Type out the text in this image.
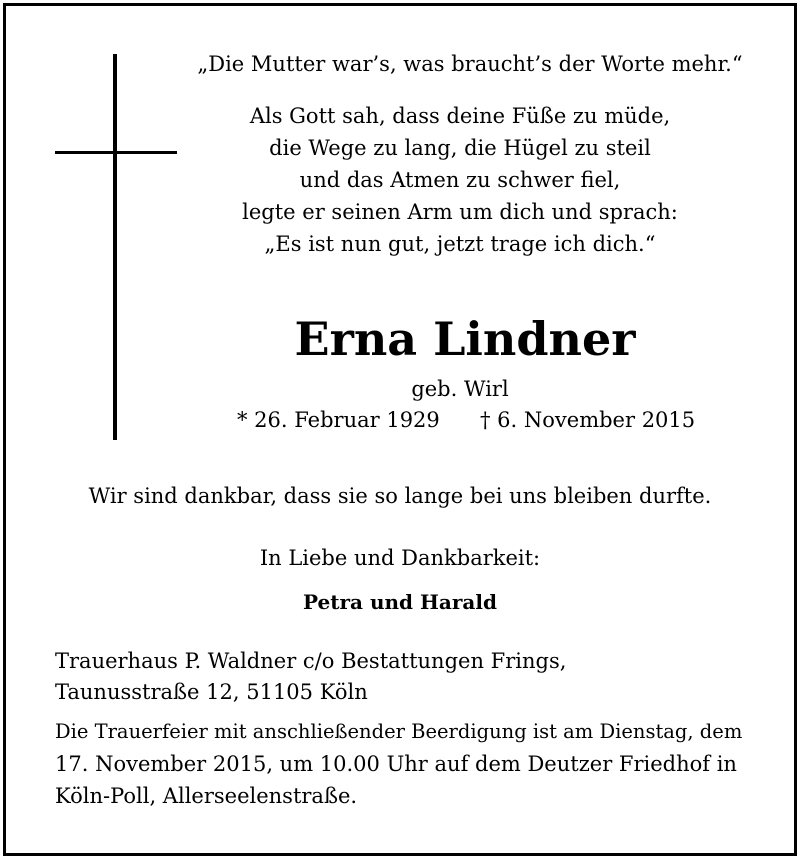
„Die Mutter war’s, was braucht’s der Worte mehr.“
Als Gott sah, dass deine Füße zu müde,
die Wege zu lang, die Hügel zu steil
und das Atmen zu schwer fiel,
legte er seinen Arm um dich und sprach:
„Es ist nun gut, jetzt trage ich dich.“
Erna Lindner
geb. Wirl
* 26. Februar 1929 † 6. November 2015
Wir sind dankbar, dass sie so lange bei uns bleiben durfte.
In Liebe und Dankbarkeit:
Petra und Harald
Trauerhaus P. Waldner c/o Bestattungen Frings,
Taunusstraße 12, 51105 Köln
Die Trauerfeier mit anschließender Beerdigung ist am Dienstag, dem
17. November 2015, um 10.00 Uhr auf dem Deutzer Friedhof in
Köln-Poll, Allerseelenstraße.
